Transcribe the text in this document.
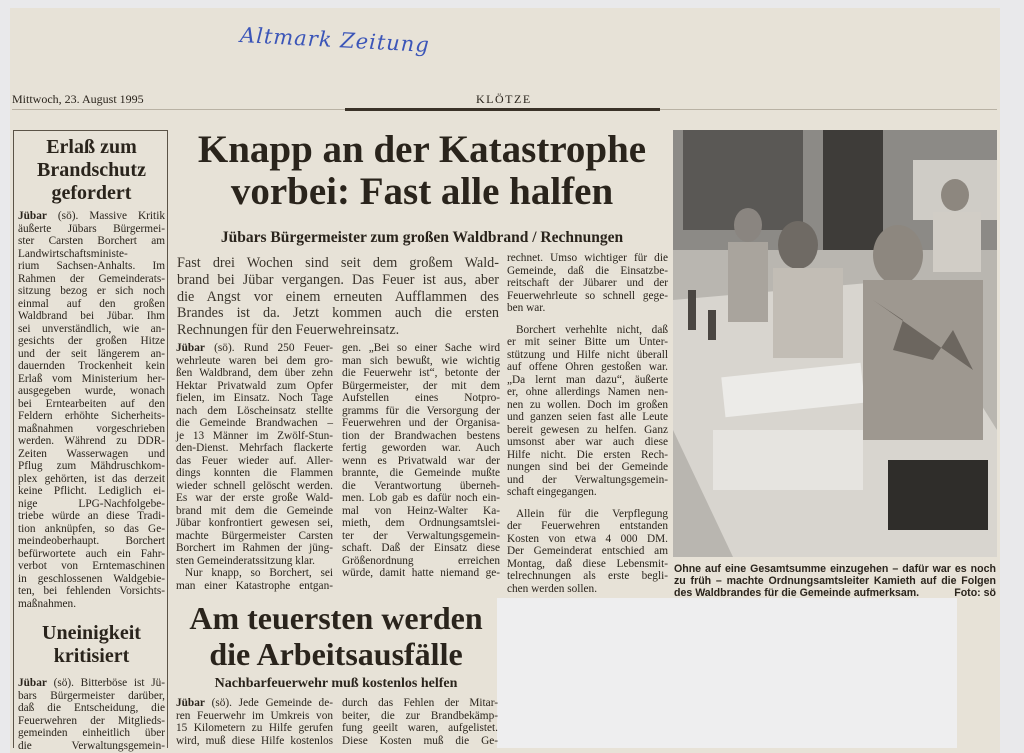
Altmark Zeitung
Mittwoch, 23. August 1995	KLÖTZE
Erlaß zum
Brandschutz
gefordert
Jübar (sö). Massive Kritik
äußerte Jübars Bürgermei-
ster Carsten Borchert am
Landwirtschaftsministe-
rium Sachsen-Anhalts. Im
Rahmen der Gemeinderats-
sitzung bezog er sich noch
einmal auf den großen
Waldbrand bei Jübar. Ihm
sei unverständlich, wie an-
gesichts der großen Hitze
und der seit längerem an-
dauernden Trockenheit kein
Erlaß vom Ministerium her-
ausgegeben wurde, wonach
bei Erntearbeiten auf den
Feldern erhöhte Sicherheits-
maßnahmen vorgeschrieben
werden. Während zu DDR-
Zeiten Wasserwagen und
Pflug zum Mähdruschkom-
plex gehörten, ist das derzeit
keine Pflicht. Lediglich ei-
nige LPG-Nachfolgebe-
triebe würde an diese Tradi-
tion anknüpfen, so das Ge-
meindeoberhaupt. Borchert
befürwortete auch ein Fahr-
verbot von Erntemaschinen
in geschlossenen Waldgebie-
ten, bei fehlenden Vorsichts-
maßnahmen.
Uneinigkeit
kritisiert
Jübar (sö). Bitterböse ist Jü-
bars Bürgermeister darüber,
daß die Entscheidung, die
Feuerwehren der Mitglieds-
gemeinden einheitlich über
die Verwaltungsgemein-
Knapp an der Katastrophe
vorbei: Fast alle halfen
Jübars Bürgermeister zum großen Waldbrand / Rechnungen
Fast drei Wochen sind seit dem großem Wald-
brand bei Jübar vergangen. Das Feuer ist aus, aber
die Angst vor einem erneuten Aufflammen des
Brandes ist da. Jetzt kommen auch die ersten
Rechnungen für den Feuerwehreinsatz.
Jübar (sö). Rund 250 Feuer-
wehrleute waren bei dem gro-
ßen Waldbrand, dem über zehn
Hektar Privatwald zum Opfer
fielen, im Einsatz. Noch Tage
nach dem Löscheinsatz stellte
die Gemeinde Brandwachen –
je 13 Männer im Zwölf-Stun-
den-Dienst. Mehrfach flackerte
das Feuer wieder auf. Aller-
dings konnten die Flammen
wieder schnell gelöscht werden.
Es war der erste große Wald-
brand mit dem die Gemeinde
Jübar konfrontiert gewesen sei,
machte Bürgermeister Carsten
Borchert im Rahmen der jüng-
sten Gemeinderatssitzung klar.
Nur knapp, so Borchert, sei
man einer Katastrophe entgan-
gen. „Bei so einer Sache wird
man sich bewußt, wie wichtig
die Feuerwehr ist“, betonte der
Bürgermeister, der mit dem
Aufstellen eines Notpro-
gramms für die Versorgung der
Feuerwehren und der Organisa-
tion der Brandwachen bestens
fertig geworden war. Auch
wenn es Privatwald war der
brannte, die Gemeinde mußte
die Verantwortung überneh-
men. Lob gab es dafür noch ein-
mal von Heinz-Walter Ka-
mieth, dem Ordnungsamtslei-
ter der Verwaltungsgemein-
schaft. Daß der Einsatz diese
Größenordnung erreichen
würde, damit hatte niemand ge-
rechnet. Umso wichtiger für die
Gemeinde, daß die Einsatzbe-
reitschaft der Jübarer und der
Feuerwehrleute so schnell gege-
ben war.
Borchert verhehlte nicht, daß
er mit seiner Bitte um Unter-
stützung und Hilfe nicht überall
auf offene Ohren gestoßen war.
„Da lernt man dazu“, äußerte
er, ohne allerdings Namen nen-
nen zu wollen. Doch im großen
und ganzen seien fast alle Leute
bereit gewesen zu helfen. Ganz
umsonst aber war auch diese
Hilfe nicht. Die ersten Rech-
nungen sind bei der Gemeinde
und der Verwaltungsgemein-
schaft eingegangen.
Allein für die Verpflegung
der Feuerwehren entstanden
Kosten von etwa 4 000 DM.
Der Gemeinderat entschied am
Montag, daß diese Lebensmit-
telrechnungen als erste begli-
chen werden sollen.
Ohne auf eine Gesamtsumme einzugehen – dafür war es noch
zu früh – machte Ordnungsamtsleiter Kamieth auf die Folgen
des Waldbrandes für die Gemeinde aufmerksam.	Foto: sö
Am teuersten werden
die Arbeitsausfälle
Nachbarfeuerwehr muß kostenlos helfen
Jübar (sö). Jede Gemeinde de-
ren Feuerwehr im Umkreis von
15 Kilometern zu Hilfe gerufen
wird, muß diese Hilfe kostenlos
durch das Fehlen der Mitar-
beiter, die zur Brandbekämp-
fung geeilt waren, aufgelistet.
Diese Kosten muß die Ge-
